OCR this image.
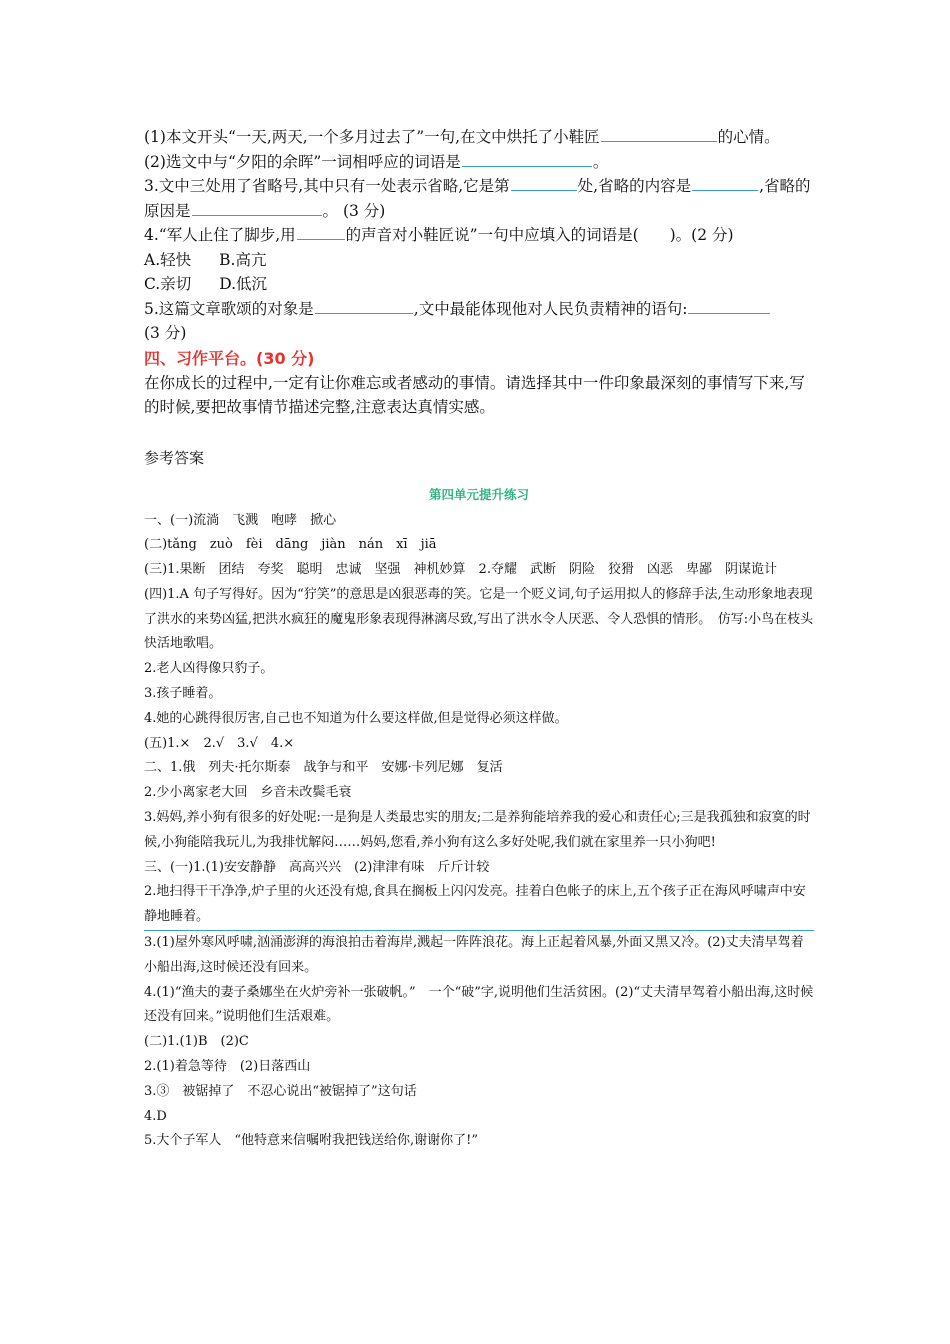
(1)本文开头“一天,两天,一个多月过去了”一句,在文中烘托了小鞋匠	的心情。

(2)选文中与“夕阳的余晖”一词相呼应的词语是	。

3.文中三处用了省略号,其中只有一处表示省略,它是第	处,省略的内容是	,省略的原因是	。 (3 分)

4.“军人止住了脚步,用	的声音对小鞋匠说”一句中应填入的词语是(　　)。(2 分)

A.轻快 B.高亢

C.亲切 D.低沉

5.这篇文章歌颂的对象是	,文中最能体现他对人民负责精神的语句:

(3 分)

四、习作平台。(30 分)

在你成长的过程中,一定有让你难忘或者感动的事情。请选择其中一件印象最深刻的事情写下来,写的时候,要把故事情节描述完整,注意表达真情实感。

参考答案

第四单元提升练习

一、(一)流淌　飞溅　咆哮　掀心

(二)tǎng　zuò　fèi　dāng　jiàn　nán　xī　jiā

(三)1.果断　团结　夸奖　聪明　忠诚　坚强　神机妙算　2.夺耀　武断　阴险　狡猾　凶恶　卑鄙　阴谋诡计

(四)1.A 句子写得好。因为“狞笑”的意思是凶狠恶毒的笑。它是一个贬义词,句子运用拟人的修辞手法,生动形象地表现了洪水的来势凶猛,把洪水疯狂的魔鬼形象表现得淋漓尽致,写出了洪水令人厌恶、令人恐惧的情形。　仿写:小鸟在枝头快活地歌唱。

2.老人凶得像只豹子。

3.孩子睡着。

4.她的心跳得很厉害,自己也不知道为什么要这样做,但是觉得必须这样做。

(五)1.×　2.√　3.√　4.×

二、1.俄　列夫·托尔斯泰　战争与和平　安娜·卡列尼娜　复活

2.少小离家老大回　乡音未改鬓毛衰

3.妈妈,养小狗有很多的好处呢:一是狗是人类最忠实的朋友;二是养狗能培养我的爱心和责任心;三是我孤独和寂寞的时候,小狗能陪我玩儿,为我排忧解闷……妈妈,您看,养小狗有这么多好处呢,我们就在家里养一只小狗吧!

三、(一)1.(1)安安静静　高高兴兴　(2)津津有味　斤斤计较

2.地扫得干干净净,炉子里的火还没有熄,食具在搁板上闪闪发亮。挂着白色帐子的床上,五个孩子正在海风呼啸声中安静地睡着。

3.(1)屋外寒风呼啸,汹涌澎湃的海浪拍击着海岸,溅起一阵阵浪花。海上正起着风暴,外面又黑又冷。(2)丈夫清早驾着小船出海,这时候还没有回来。

4.(1)“渔夫的妻子桑娜坐在火炉旁补一张破帆。”　一个“破”字,说明他们生活贫困。(2)“丈夫清早驾着小船出海,这时候还没有回来。”说明他们生活艰难。

(二)1.(1)B　(2)C

2.(1)着急等待　(2)日落西山

3.③　被锯掉了　不忍心说出“被锯掉了”这句话

4.D

5.大个子军人　“他特意来信嘱咐我把钱送给你,谢谢你了!”
